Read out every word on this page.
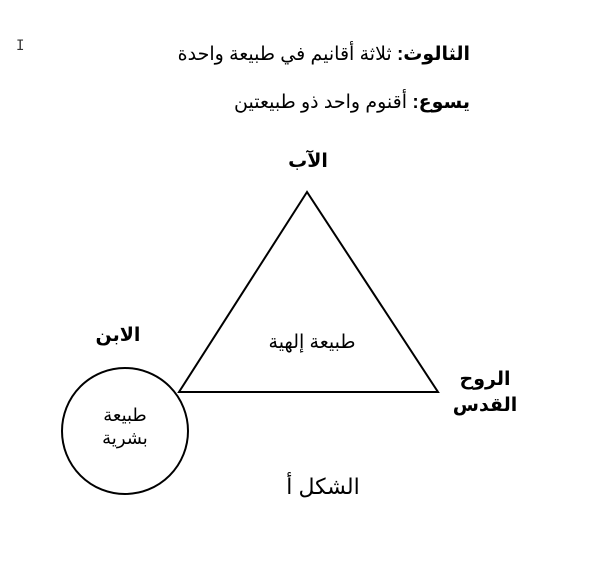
I	الثالوث: ثلاثة أقانيم في طبيعة واحدة
يسوع: أقنوم واحد ذو طبيعتين
الآب
الابن
الروح
القدس
طبيعة إلهية
طبيعة
بشرية
الشكل أ
